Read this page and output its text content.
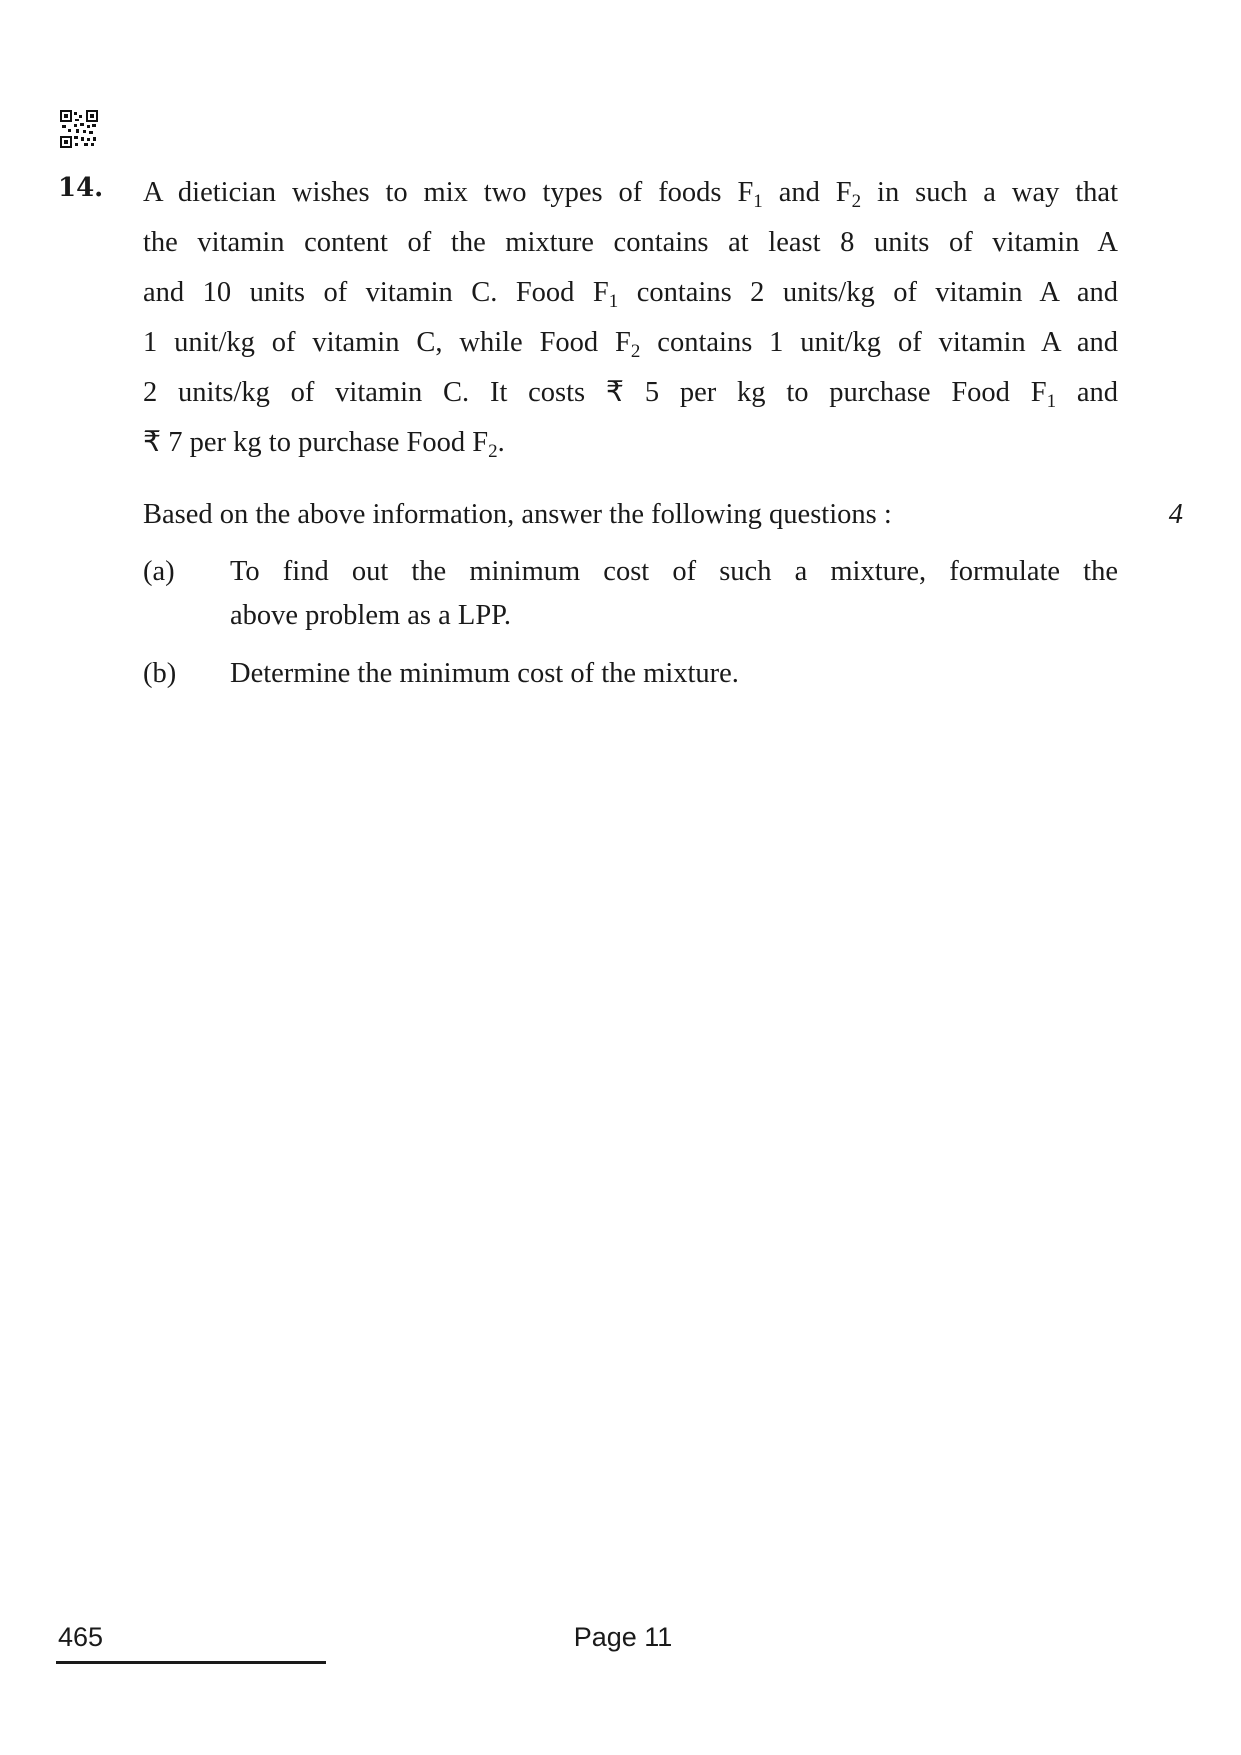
14. A dietician wishes to mix two types of foods $F_1$ and $F_2$ in such a way that
the vitamin content of the mixture contains at least 8 units of vitamin A
and 10 units of vitamin C. Food $F_1$ contains 2 units/kg of vitamin A and
1 unit/kg of vitamin C, while Food $F_2$ contains 1 unit/kg of vitamin A and
2 units/kg of vitamin C. It costs ₹ 5 per kg to purchase Food $F_1$ and
₹ 7 per kg to purchase Food $F_2$.
Based on the above information, answer the following questions :	4
(a) To find out the minimum cost of such a mixture, formulate the
above problem as a LPP.
(b) Determine the minimum cost of the mixture.
465	Page 11
